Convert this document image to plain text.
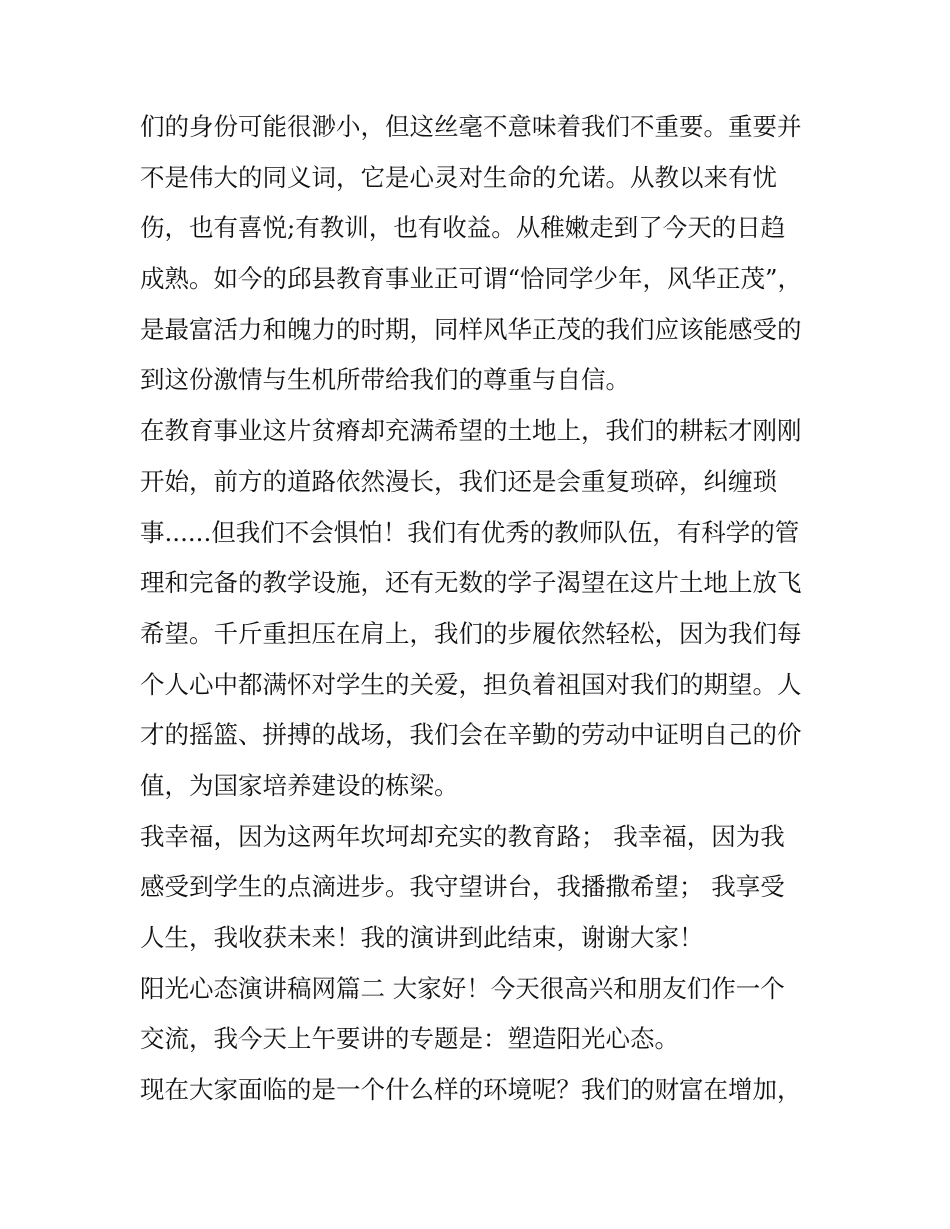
们的身份可能很渺小，但这丝毫不意味着我们不重要。重要并
不是伟大的同义词，它是心灵对生命的允诺。从教以来有忧
伤，也有喜悦;有教训，也有收益。从稚嫩走到了今天的日趋
成熟。如今的邱县教育事业正可谓“恰同学少年，风华正茂”，
是最富活力和魄力的时期，同样风华正茂的我们应该能感受的
到这份激情与生机所带给我们的尊重与自信。
在教育事业这片贫瘠却充满希望的土地上，我们的耕耘才刚刚
开始，前方的道路依然漫长，我们还是会重复琐碎，纠缠琐
事......但我们不会惧怕！我们有优秀的教师队伍，有科学的管
理和完备的教学设施，还有无数的学子渴望在这片土地上放飞
希望。千斤重担压在肩上，我们的步履依然轻松，因为我们每
个人心中都满怀对学生的关爱，担负着祖国对我们的期望。人
才的摇篮、拼搏的战场，我们会在辛勤的劳动中证明自己的价
值，为国家培养建设的栋梁。
我幸福，因为这两年坎坷却充实的教育路； 我幸福，因为我
感受到学生的点滴进步。我守望讲台，我播撒希望； 我享受
人生，我收获未来！我的演讲到此结束，谢谢大家！
阳光心态演讲稿网篇二 大家好！今天很高兴和朋友们作一个
交流，我今天上午要讲的专题是：塑造阳光心态。
现在大家面临的是一个什么样的环境呢？我们的财富在增加，
